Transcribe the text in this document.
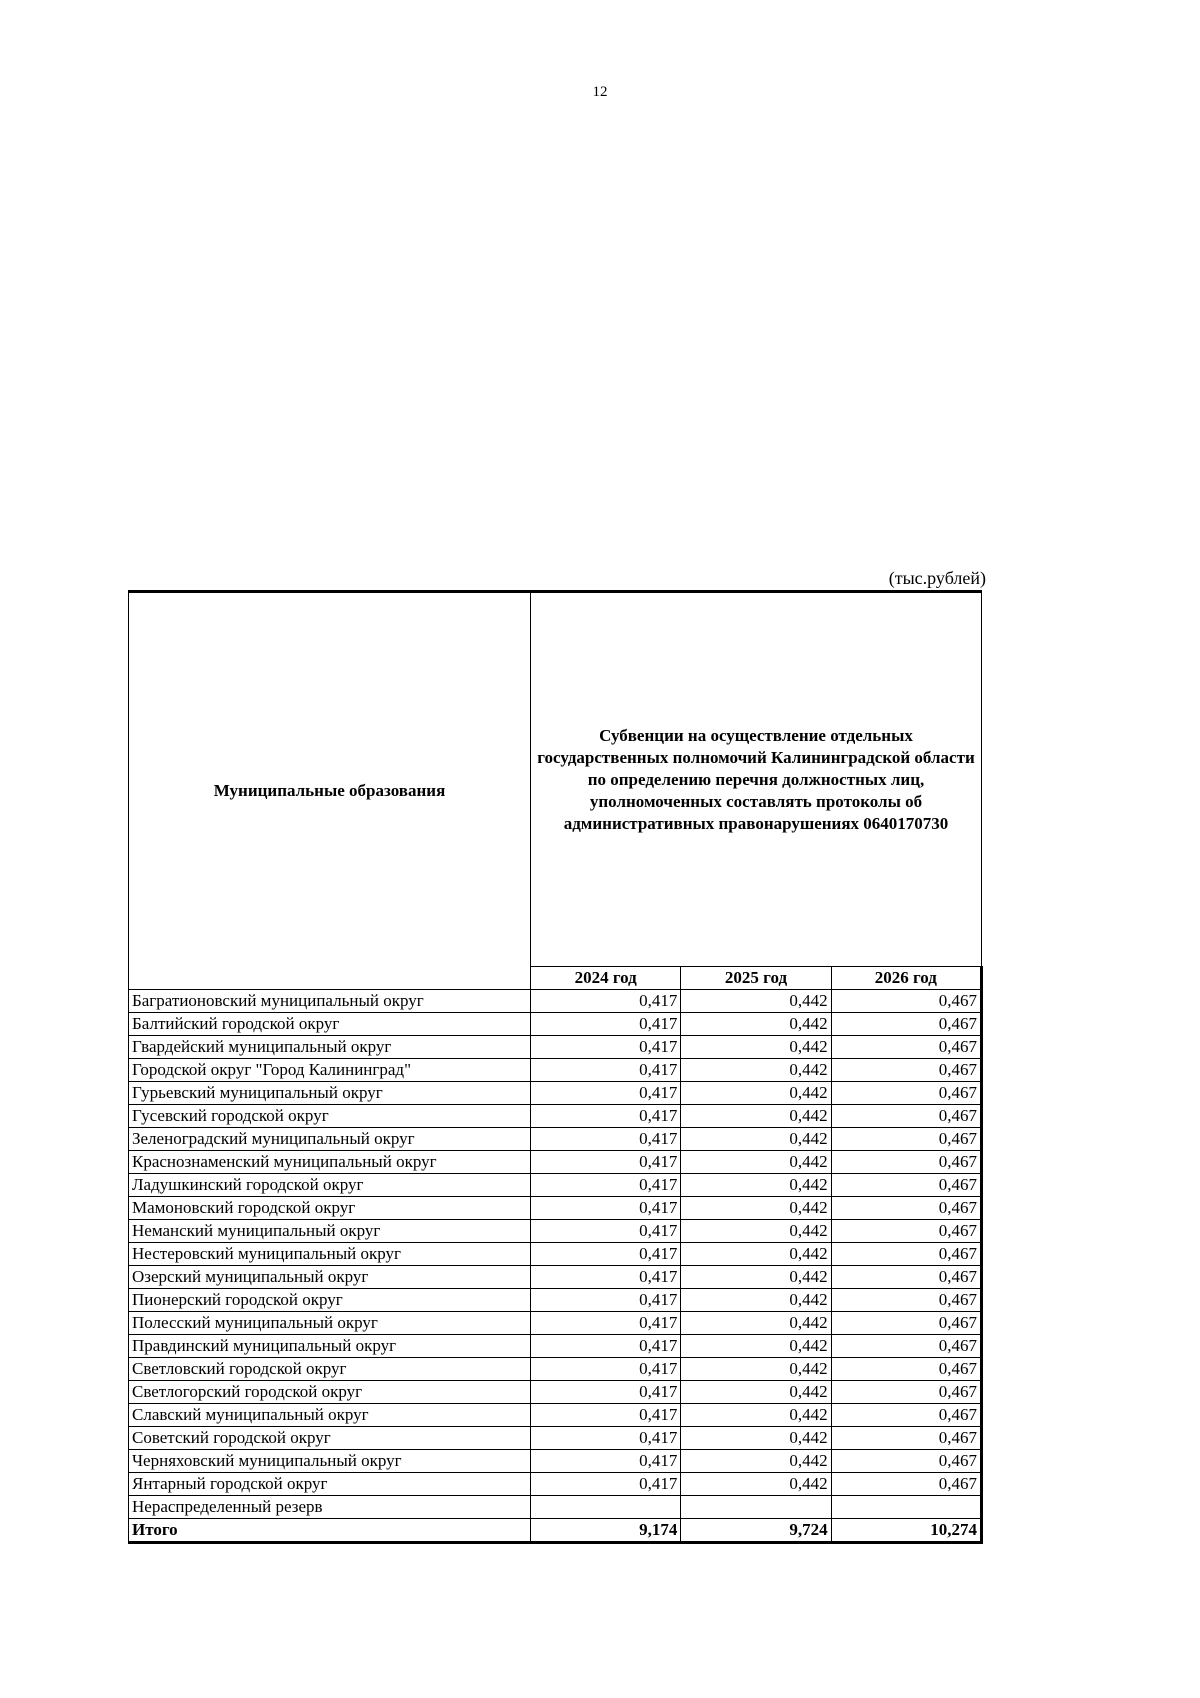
12
(тыс.рублей)
Муниципальные образования	Субвенции на осуществление отдельных государственных полномочий Калининградской области по определению перечня должностных лиц, уполномоченных составлять протоколы об административных правонарушениях 0640170730		
	2024 год	2025 год	2026 год
Багратионовский муниципальный округ	0,417	0,442	0,467
Балтийский городской округ	0,417	0,442	0,467
Гвардейский муниципальный округ	0,417	0,442	0,467
Городской округ "Город Калининград"	0,417	0,442	0,467
Гурьевский муниципальный округ	0,417	0,442	0,467
Гусевский городской округ	0,417	0,442	0,467
Зеленоградский муниципальный округ	0,417	0,442	0,467
Краснознаменский муниципальный округ	0,417	0,442	0,467
Ладушкинский городской округ	0,417	0,442	0,467
Мамоновский городской округ	0,417	0,442	0,467
Неманский муниципальный округ	0,417	0,442	0,467
Нестеровский муниципальный округ	0,417	0,442	0,467
Озерский муниципальный округ	0,417	0,442	0,467
Пионерский городской округ	0,417	0,442	0,467
Полесский муниципальный округ	0,417	0,442	0,467
Правдинский муниципальный округ	0,417	0,442	0,467
Светловский городской округ	0,417	0,442	0,467
Светлогорский городской округ	0,417	0,442	0,467
Славский муниципальный округ	0,417	0,442	0,467
Советский городской округ	0,417	0,442	0,467
Черняховский муниципальный округ	0,417	0,442	0,467
Янтарный городской округ	0,417	0,442	0,467
Нераспределенный резерв			
Итого	9,174	9,724	10,274
